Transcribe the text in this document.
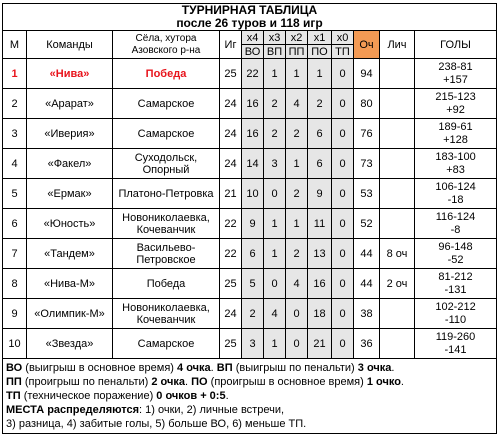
ТУРНИРНАЯ ТАБЛИЦА
после 26 туров и 118 игр											

М	Команды	Сёла, хутора Азовского р-на	Иг	x4	x3	x2	x1	x0	Оч	Лич	ГОЛЫ
				ВО	ВП	ПП	ПО	ТП			
1	«Нива»	Победа	25	22	1	1	1	0	94		238-81
+157

2	«Арарат»	Самарское	24	16	2	4	2	0	80		215-123
+92

3	«Иверия»	Самарское	24	16	2	2	6	0	76		189-61
+128

4	«Факел»	Суходольск, Опорный	24	14	3	1	6	0	73		183-100
+83

5	«Ермак»	Платоно-Петровка	21	10	0	2	9	0	53		106-124
-18

6	«Юность»	Новониколаевка, Кочеванчик	22	9	1	1	11	0	52		116-124
-8

7	«Тандем»	Васильево-Петровское	22	6	1	2	13	0	44	8 оч	96-148
-52

8	«Нива-М»	Победа	25	5	0	4	16	0	44	2 оч	81-212
-131

9	«Олимпик-М»	Новониколаевка, Кочеванчик	24	2	4	0	18	0	38		102-212
-110

10	«Звезда»	Самарское	25	3	1	0	21	0	36		119-260
-141
ВО (выигрыш в основное время) 4 очка. ВП (выигрыш по пенальти) 3 очка.
ПП (проигрыш по пенальти) 2 очка. ПО (проигрыш в основное время) 1 очко.
ТП (техническое поражение) 0 очков + 0:5.
МЕСТА распределяются: 1) очки, 2) личные встречи,
3) разница, 4) забитые голы, 5) больше ВО, 6) меньше ТП.
